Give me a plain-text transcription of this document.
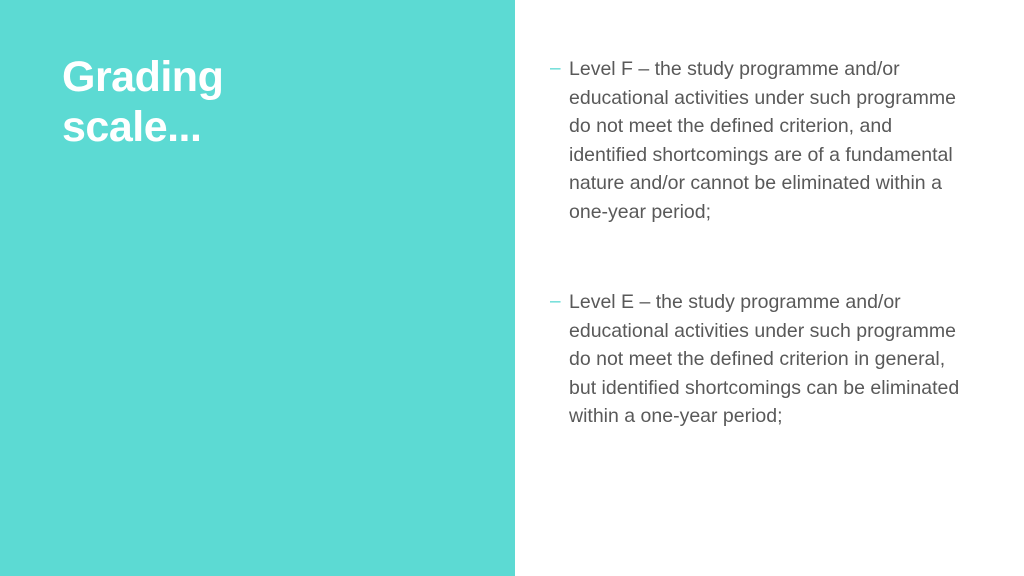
Grading
scale...
– Level F – the study programme and/or educational activities under such programme do not meet the defined criterion, and identified shortcomings are of a fundamental nature and/or cannot be eliminated within a one-year period;
– Level E – the study programme and/or educational activities under such programme do not meet the defined criterion in general, but identified shortcomings can be eliminated within a one-year period;
